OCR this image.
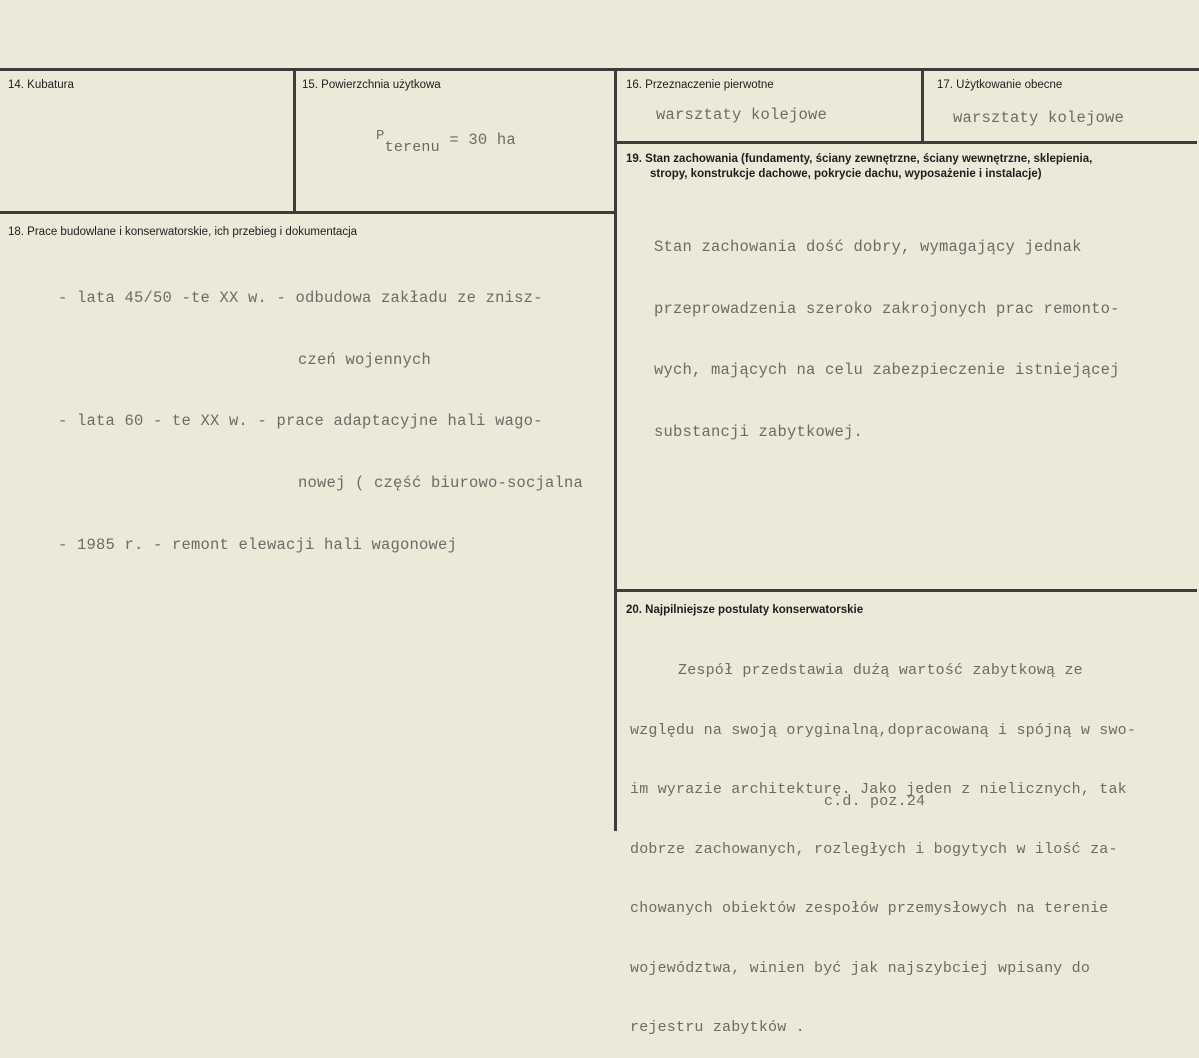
14. Kubatura	15. Powierzchnia użytkowa

Pterenu = 30 ha

16. Przeznaczenie pierwotne
warsztaty kolejowe
17. Użytkowanie obecne
warsztaty kolejowe
18. Prace budowlane i konserwatorskie, ich przebieg i dokumentacja

- lata 45/50 -te XX w. - odbudowa zakładu ze znisz-

czeń wojennych

- lata 60 - te XX w. - prace adaptacyjne hali wago-

nowej ( część biurowo-socjalna

- 1985 r. - remont elewacji hali wagonowej

19. Stan zachowania (fundamenty, ściany zewnętrzne, ściany wewnętrzne, sklepienia,
stropy, konstrukcje dachowe, pokrycie dachu, wyposażenie i instalacje)

Stan zachowania dość dobry, wymagający jednak

przeprowadzenia szeroko zakrojonych prac remonto-

wych, mających na celu zabezpieczenie istniejącej

substancji zabytkowej.

20. Najpilniejsze postulaty konserwatorskie

Zespół przedstawia dużą wartość zabytkową ze

względu na swoją oryginalną,dopracowaną i spójną w swo-

im wyrazie architekturę. Jako jeden z nielicznych, tak

dobrze zachowanych, rozległych i bogytych w ilość za-

chowanych obiektów zespołów przemysłowych na terenie

województwa, winien być jak najszybciej wpisany do

rejestru zabytków .

c.d. poz.24
